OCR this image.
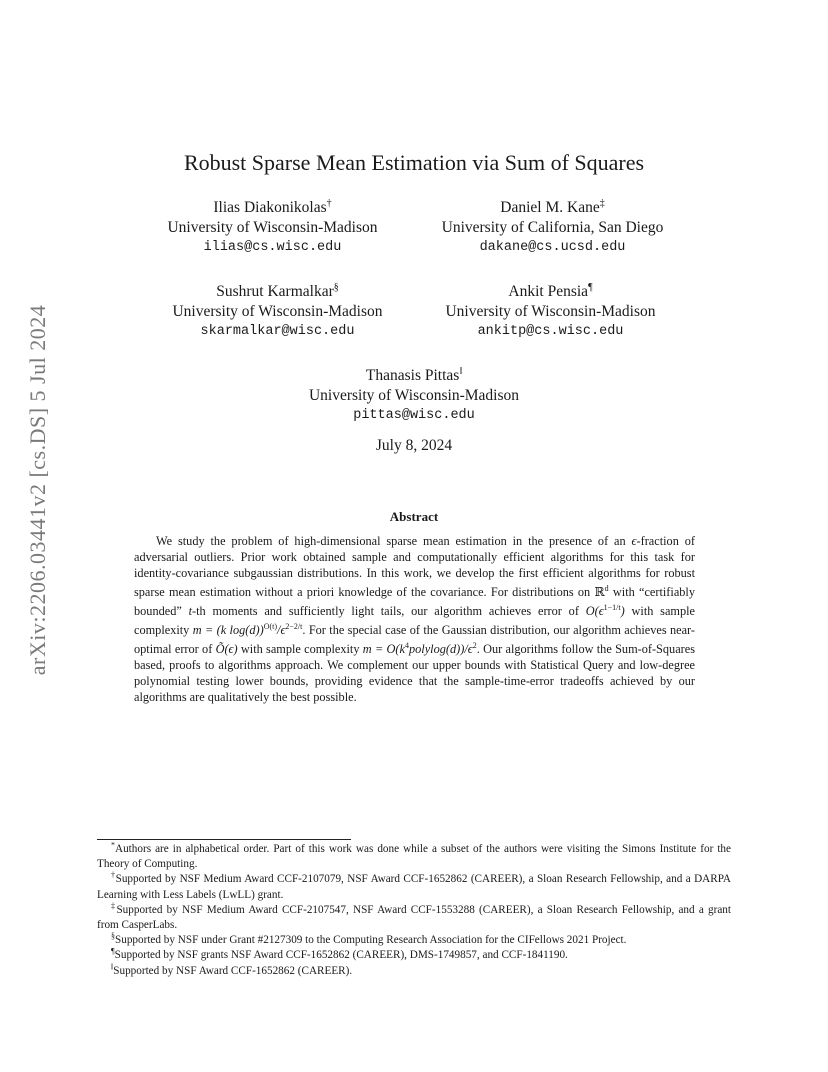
arXiv:2206.03441v2 [cs.DS] 5 Jul 2024
Robust Sparse Mean Estimation via Sum of Squares
Ilias Diakonikolas†
University of Wisconsin-Madison
ilias@cs.wisc.edu
Daniel M. Kane‡
University of California, San Diego
dakane@cs.ucsd.edu
Sushrut Karmalkar§
University of Wisconsin-Madison
skarmalkar@wisc.edu
Ankit Pensia¶
University of Wisconsin-Madison
ankitp@cs.wisc.edu
Thanasis Pittas‖
University of Wisconsin-Madison
pittas@wisc.edu
July 8, 2024
Abstract

We study the problem of high-dimensional sparse mean estimation in the presence of an ϵ-fraction of adversarial outliers. Prior work obtained sample and computationally efficient algorithms for this task for identity-covariance subgaussian distributions. In this work, we develop the first efficient algorithms for robust sparse mean estimation without a priori knowledge of the covariance. For distributions on ℝ$^d$ with “certifiably bounded” t-th moments and sufficiently light tails, our algorithm achieves error of $O(\epsilon^{1-1/t})$ with sample complexity m = (k $\log(d))^{O(t)}/\epsilon^{2-2/t}$. For the special case of the Gaussian distribution, our algorithm achieves near-optimal error of Õ(ϵ) with sample complexity $m = O(k^4polylog(d))/\epsilon^2$. Our algorithms follow the Sum-of-Squares based, proofs to algorithms approach. We complement our upper bounds with Statistical Query and low-degree polynomial testing lower bounds, providing evidence that the sample-time-error tradeoffs achieved by our algorithms are qualitatively the best possible.

*Authors are in alphabetical order. Part of this work was done while a subset of the authors were visiting the Simons Institute for the Theory of Computing.

†Supported by NSF Medium Award CCF-2107079, NSF Award CCF-1652862 (CAREER), a Sloan Research Fellowship, and a DARPA Learning with Less Labels (LwLL) grant.

‡Supported by NSF Medium Award CCF-2107547, NSF Award CCF-1553288 (CAREER), a Sloan Research Fellowship, and a grant from CasperLabs.

§Supported by NSF under Grant #2127309 to the Computing Research Association for the CIFellows 2021 Project.

¶Supported by NSF grants NSF Award CCF-1652862 (CAREER), DMS-1749857, and CCF-1841190.

‖Supported by NSF Award CCF-1652862 (CAREER).
